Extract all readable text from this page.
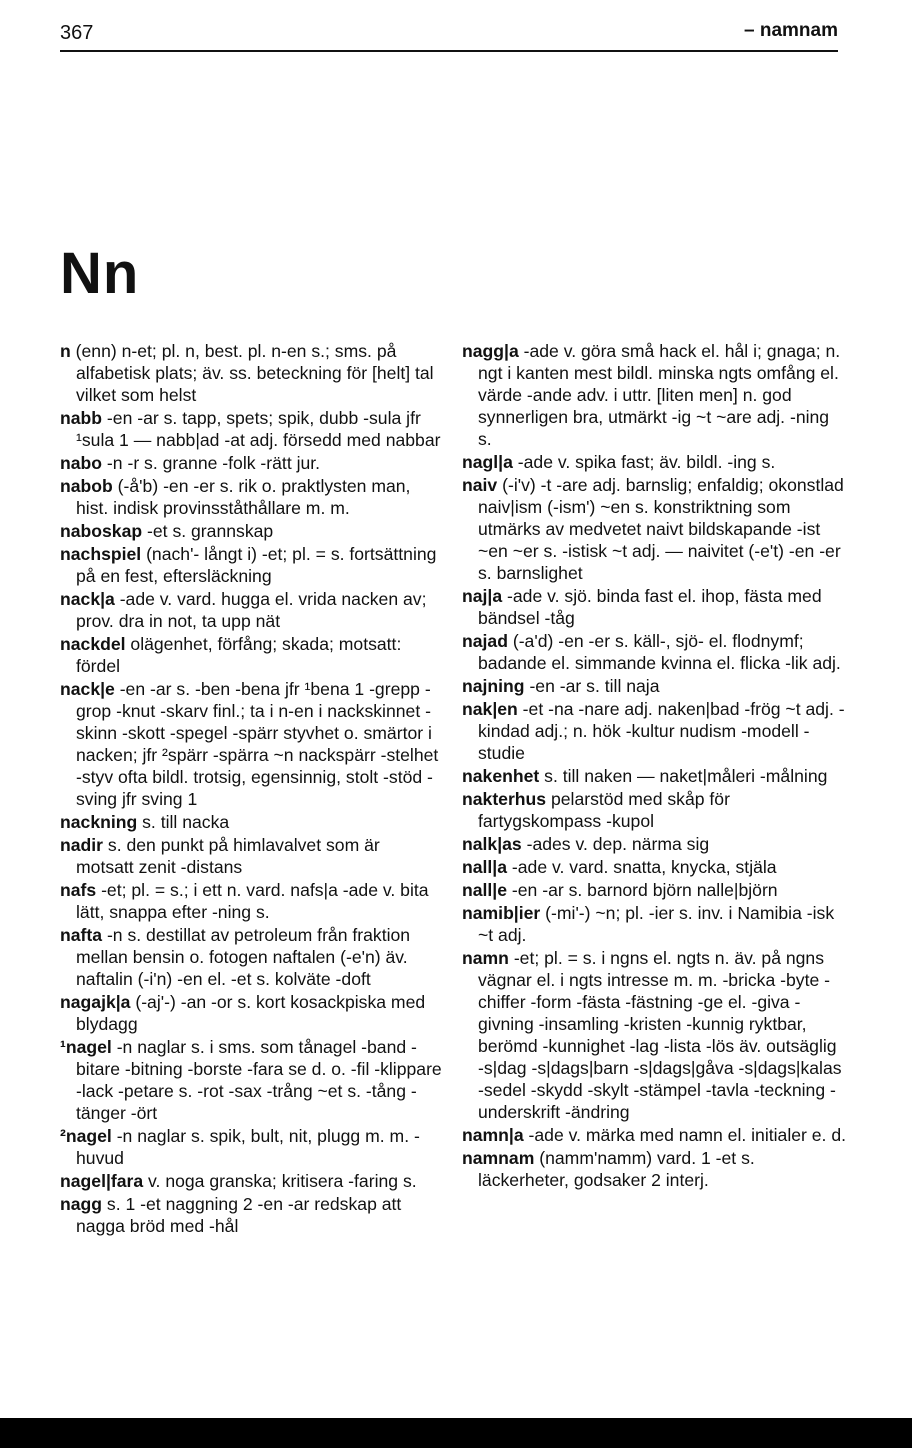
367	– namnam
Nn

n (enn) n-et; pl. n, best. pl. n-en s.; sms. på alfabetisk plats; äv. ss. beteckning för [helt] tal vilket som helst

nabb -en -ar s. tapp, spets; spik, dubb -sula jfr ¹sula 1 — nabb|ad -at adj. försedd med nabbar

nabo -n -r s. granne -folk -rätt jur.

nabob (-å'b) -en -er s. rik o. praktlysten man, hist. indisk provinsståthållare m. m.

naboskap -et s. grannskap

nachspiel (nach'- långt i) -et; pl. = s. fortsättning på en fest, eftersläckning

nack|a -ade v. vard. hugga el. vrida nacken av; prov. dra in not, ta upp nät

nackdel olägenhet, förfång; skada; motsatt: fördel

nack|e -en -ar s. -ben -bena jfr ¹bena 1 -grepp -grop -knut -skarv finl.; ta i n-en i nackskinnet -skinn -skott -spegel -spärr styvhet o. smärtor i nacken; jfr ²spärr -spärra ~n nackspärr -stelhet -styv ofta bildl. trotsig, egensinnig, stolt -stöd -sving jfr sving 1

nackning s. till nacka

nadir s. den punkt på himlavalvet som är motsatt zenit -distans

nafs -et; pl. = s.; i ett n. vard. nafs|a -ade v. bita lätt, snappa efter -ning s.

nafta -n s. destillat av petroleum från fraktion mellan bensin o. fotogen naftalen (-e'n) äv. naftalin (-i'n) -en el. -et s. kolväte -doft

nagajk|a (-aj'-) -an -or s. kort kosackpiska med blydagg

¹nagel -n naglar s. i sms. som tånagel -band -bitare -bitning -borste -fara se d. o. -fil -klippare -lack -petare s. -rot -sax -trång ~et s. -tång -tänger -ört

²nagel -n naglar s. spik, bult, nit, plugg m. m. -huvud

nagel|fara v. noga granska; kritisera -faring s.

nagg s. 1 -et naggning 2 -en -ar redskap att nagga bröd med -hål

nagg|a -ade v. göra små hack el. hål i; gnaga; n. ngt i kanten mest bildl. minska ngts omfång el. värde -ande adv. i uttr. [liten men] n. god synnerligen bra, utmärkt -ig ~t ~are adj. -ning s.

nagl|a -ade v. spika fast; äv. bildl. -ing s.

naiv (-i'v) -t -are adj. barnslig; enfaldig; okonstlad naiv|ism (-ism') ~en s. konstriktning som utmärks av medvetet naivt bildskapande -ist ~en ~er s. -istisk ~t adj. — naivitet (-e't) -en -er s. barnslighet

naj|a -ade v. sjö. binda fast el. ihop, fästa med bändsel -tåg

najad (-a'd) -en -er s. käll-, sjö- el. flodnymf; badande el. simmande kvinna el. flicka -lik adj.

najning -en -ar s. till naja

nak|en -et -na -nare adj. naken|bad -frög ~t adj. -kindad adj.; n. hök -kultur nudism -modell -studie

nakenhet s. till naken — naket|måleri -målning

nakterhus pelarstöd med skåp för fartygskompass -kupol

nalk|as -ades v. dep. närma sig

nall|a -ade v. vard. snatta, knycka, stjäla

nall|e -en -ar s. barnord björn nalle|björn

namib|ier (-mi'-) ~n; pl. -ier s. inv. i Namibia -isk ~t adj.

namn -et; pl. = s. i ngns el. ngts n. äv. på ngns vägnar el. i ngts intresse m. m. -bricka -byte -chiffer -form -fästa -fästning -ge el. -giva -givning -insamling -kristen -kunnig ryktbar, berömd -kunnighet -lag -lista -lös äv. outsäglig -s|dag -s|dags|barn -s|dags|gåva -s|dags|kalas -sedel -skydd -skylt -stämpel -tavla -teckning -underskrift -ändring

namn|a -ade v. märka med namn el. initialer e. d.

namnam (namm'namm) vard. 1 -et s. läckerheter, godsaker 2 interj.
